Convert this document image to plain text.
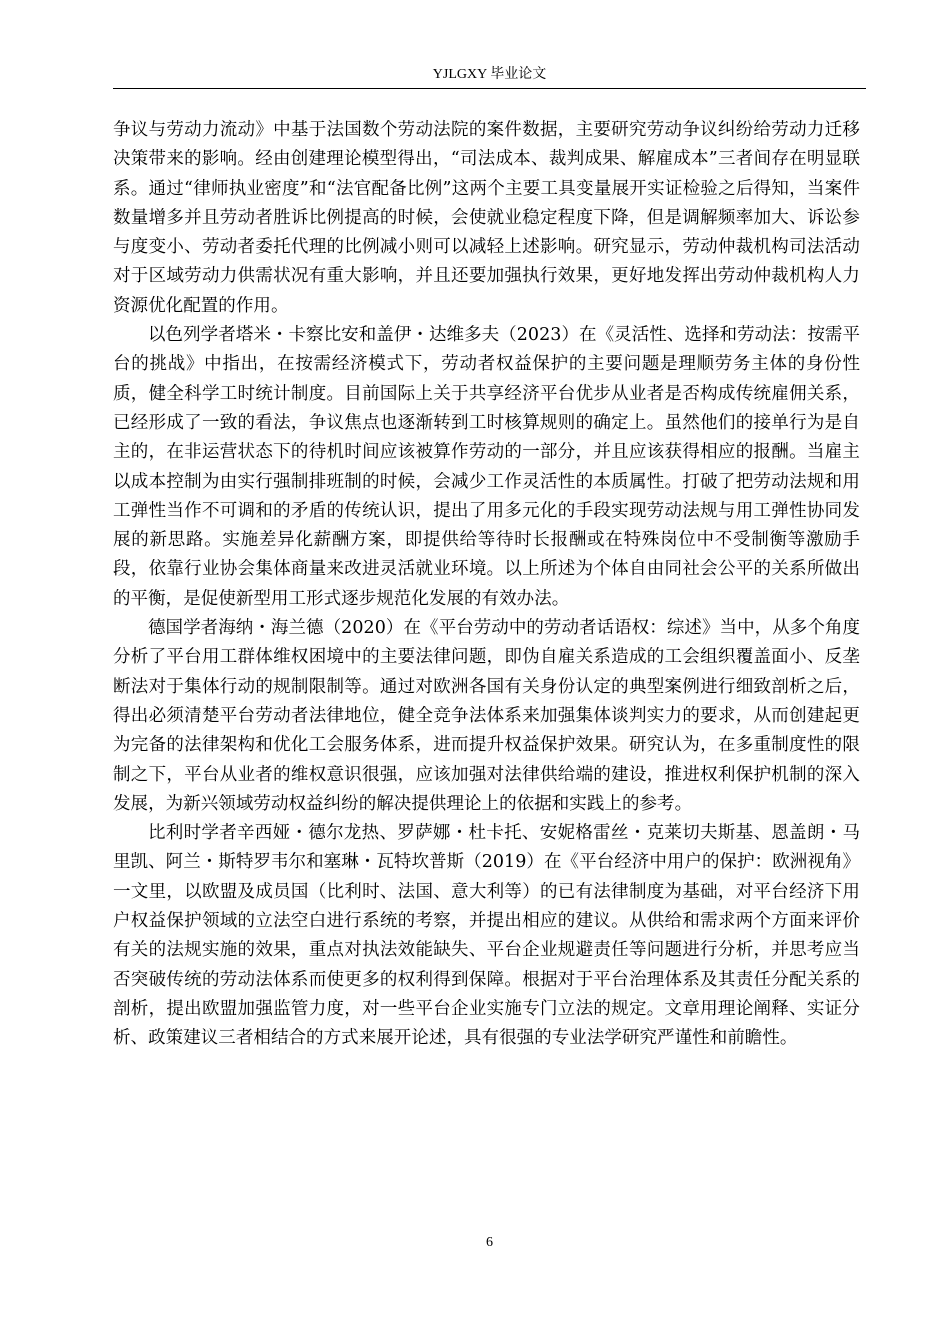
YJLGXY 毕业论文

争议与劳动力流动》中基于法国数个劳动法院的案件数据，主要研究劳动争议纠纷给劳动力迁移决策带来的影响。经由创建理论模型得出，“司法成本、裁判成果、解雇成本”三者间存在明显联系。通过“律师执业密度”和“法官配备比例”这两个主要工具变量展开实证检验之后得知，当案件数量增多并且劳动者胜诉比例提高的时候，会使就业稳定程度下降，但是调解频率加大、诉讼参与度变小、劳动者委托代理的比例减小则可以减轻上述影响。研究显示，劳动仲裁机构司法活动对于区域劳动力供需状况有重大影响，并且还要加强执行效果，更好地发挥出劳动仲裁机构人力资源优化配置的作用。

以色列学者塔米・卡察比安和盖伊・达维多夫（2023）在《灵活性、选择和劳动法：按需平台的挑战》中指出，在按需经济模式下，劳动者权益保护的主要问题是理顺劳务主体的身份性质，健全科学工时统计制度。目前国际上关于共享经济平台优步从业者是否构成传统雇佣关系，已经形成了一致的看法，争议焦点也逐渐转到工时核算规则的确定上。虽然他们的接单行为是自主的，在非运营状态下的待机时间应该被算作劳动的一部分，并且应该获得相应的报酬。当雇主以成本控制为由实行强制排班制的时候，会减少工作灵活性的本质属性。打破了把劳动法规和用工弹性当作不可调和的矛盾的传统认识，提出了用多元化的手段实现劳动法规与用工弹性协同发展的新思路。实施差异化薪酬方案，即提供给等待时长报酬或在特殊岗位中不受制衡等激励手段，依靠行业协会集体商量来改进灵活就业环境。以上所述为个体自由同社会公平的关系所做出的平衡，是促使新型用工形式逐步规范化发展的有效办法。

德国学者海纳・海兰德（2020）在《平台劳动中的劳动者话语权：综述》当中，从多个角度分析了平台用工群体维权困境中的主要法律问题，即伪自雇关系造成的工会组织覆盖面小、反垄断法对于集体行动的规制限制等。通过对欧洲各国有关身份认定的典型案例进行细致剖析之后，得出必须清楚平台劳动者法律地位，健全竞争法体系来加强集体谈判实力的要求，从而创建起更为完备的法律架构和优化工会服务体系，进而提升权益保护效果。研究认为，在多重制度性的限制之下，平台从业者的维权意识很强，应该加强对法律供给端的建设，推进权利保护机制的深入发展，为新兴领域劳动权益纠纷的解决提供理论上的依据和实践上的参考。

比利时学者辛西娅・德尔龙热、罗萨娜・杜卡托、安妮格雷丝・克莱切夫斯基、恩盖朗・马里凯、阿兰・斯特罗韦尔和塞琳・瓦特坎普斯（2019）在《平台经济中用户的保护：欧洲视角》一文里，以欧盟及成员国（比利时、法国、意大利等）的已有法律制度为基础，对平台经济下用户权益保护领域的立法空白进行系统的考察，并提出相应的建议。从供给和需求两个方面来评价有关的法规实施的效果，重点对执法效能缺失、平台企业规避责任等问题进行分析，并思考应当否突破传统的劳动法体系而使更多的权利得到保障。根据对于平台治理体系及其责任分配关系的剖析，提出欧盟加强监管力度，对一些平台企业实施专门立法的规定。文章用理论阐释、实证分析、政策建议三者相结合的方式来展开论述，具有很强的专业法学研究严谨性和前瞻性。

6
